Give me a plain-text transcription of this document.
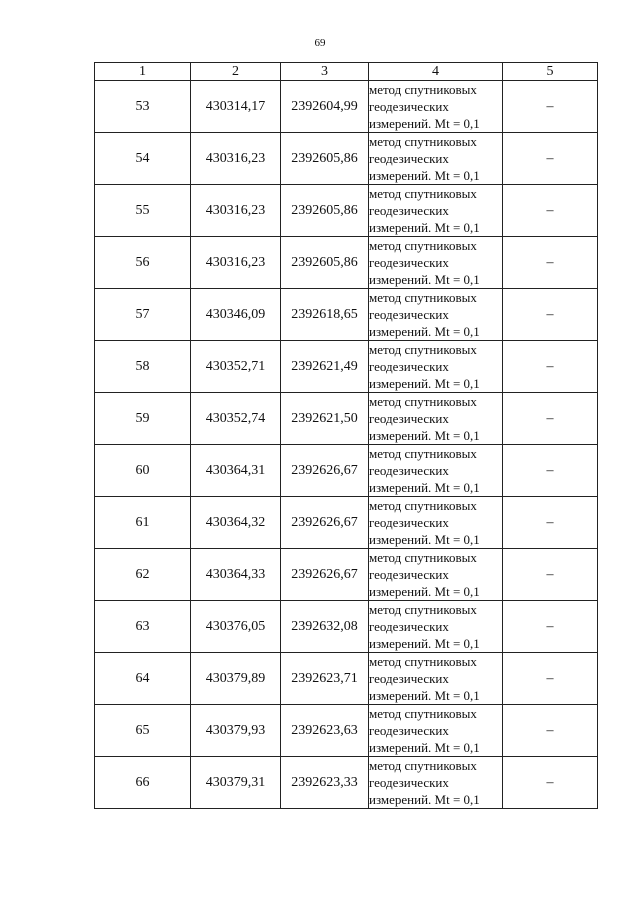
69
1	2	3	4	5
53	430314,17	2392604,99	метод спутниковых
геодезических
измерений. Mt = 0,1	–
54	430316,23	2392605,86	метод спутниковых
геодезических
измерений. Mt = 0,1	–
55	430316,23	2392605,86	метод спутниковых
геодезических
измерений. Mt = 0,1	–
56	430316,23	2392605,86	метод спутниковых
геодезических
измерений. Mt = 0,1	–
57	430346,09	2392618,65	метод спутниковых
геодезических
измерений. Mt = 0,1	–
58	430352,71	2392621,49	метод спутниковых
геодезических
измерений. Mt = 0,1	–
59	430352,74	2392621,50	метод спутниковых
геодезических
измерений. Mt = 0,1	–
60	430364,31	2392626,67	метод спутниковых
геодезических
измерений. Mt = 0,1	–
61	430364,32	2392626,67	метод спутниковых
геодезических
измерений. Mt = 0,1	–
62	430364,33	2392626,67	метод спутниковых
геодезических
измерений. Mt = 0,1	–
63	430376,05	2392632,08	метод спутниковых
геодезических
измерений. Mt = 0,1	–
64	430379,89	2392623,71	метод спутниковых
геодезических
измерений. Mt = 0,1	–
65	430379,93	2392623,63	метод спутниковых
геодезических
измерений. Mt = 0,1	–
66	430379,31	2392623,33	метод спутниковых
геодезических
измерений. Mt = 0,1	–
